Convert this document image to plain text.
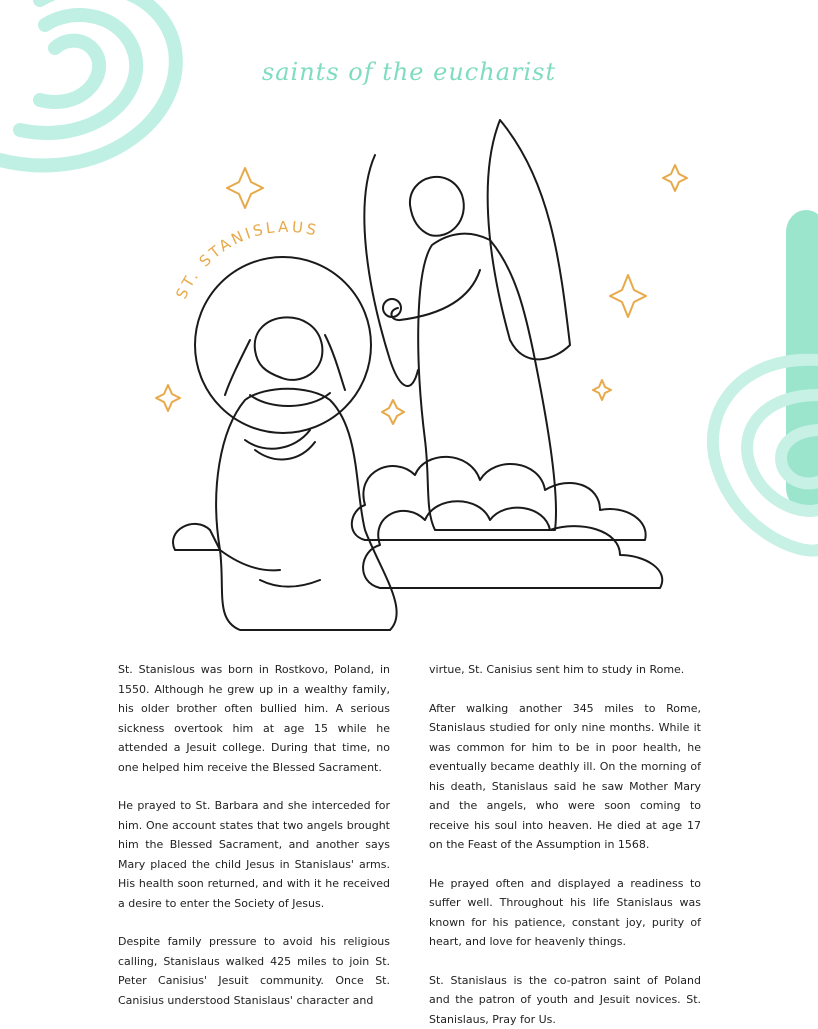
saints of the eucharist
ST. STANISLAUS

St. Stanislous was born in Rostkovo, Poland, in 1550. Although he grew up in a wealthy family, his older brother often bullied him. A serious sickness overtook him at age 15 while he attended a Jesuit college. During that time, no one helped him receive the Blessed Sacrament.

He prayed to St. Barbara and she interceded for him. One account states that two angels brought him the Blessed Sacrament, and another says Mary placed the child Jesus in Stanislaus' arms. His health soon returned, and with it he received a desire to enter the Society of Jesus.

Despite family pressure to avoid his religious calling, Stanislaus walked 425 miles to join St. Peter Canisius' Jesuit community. Once St. Canisius understood Stanislaus' character and

virtue, St. Canisius sent him to study in Rome.

After walking another 345 miles to Rome, Stanislaus studied for only nine months. While it was common for him to be in poor health, he eventually became deathly ill. On the morning of his death, Stanislaus said he saw Mother Mary and the angels, who were soon coming to receive his soul into heaven. He died at age 17 on the Feast of the Assumption in 1568.

He prayed often and displayed a readiness to suffer well. Throughout his life Stanislaus was known for his patience, constant joy, purity of heart, and love for heavenly things.

St. Stanislaus is the co-patron saint of Poland and the patron of youth and Jesuit novices. St. Stanislaus, Pray for Us.
